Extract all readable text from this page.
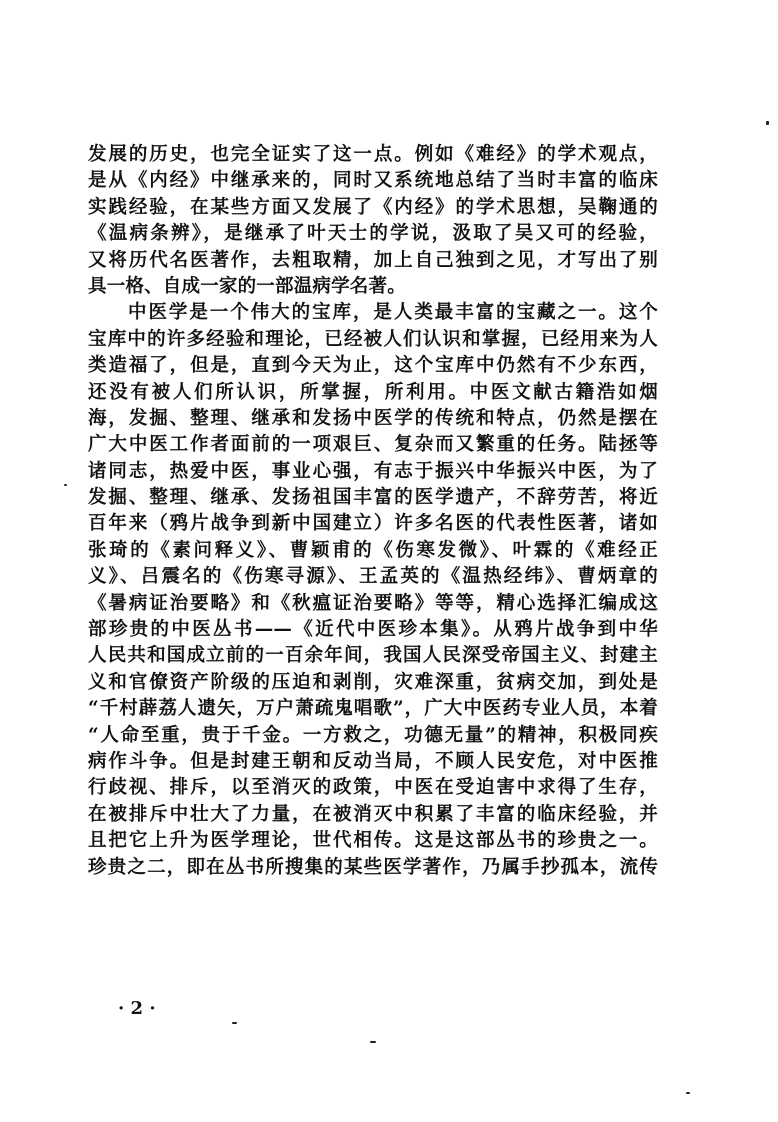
发展的历史，也完全证实了这一点。例如《难经》的学术观点，
是从《内经》中继承来的，同时又系统地总结了当时丰富的临床
实践经验，在某些方面又发展了《内经》的学术思想，吴鞠通的
《温病条辨》，是继承了叶天士的学说，汲取了吴又可的经验，
又将历代名医著作，去粗取精，加上自己独到之见，才写出了别
具一格、自成一家的一部温病学名著。
中医学是一个伟大的宝库，是人类最丰富的宝藏之一。这个
宝库中的许多经验和理论，已经被人们认识和掌握，已经用来为人
类造福了，但是，直到今天为止，这个宝库中仍然有不少东西，
还没有被人们所认识，所掌握，所利用。中医文献古籍浩如烟
海，发掘、整理、继承和发扬中医学的传统和特点，仍然是摆在
广大中医工作者面前的一项艰巨、复杂而又繁重的任务。陆拯等
诸同志，热爱中医，事业心强，有志于振兴中华振兴中医，为了
发掘、整理、继承、发扬祖国丰富的医学遗产，不辞劳苦，将近
百年来（鸦片战争到新中国建立）许多名医的代表性医著，诸如
张琦的《素问释义》、曹颖甫的《伤寒发微》、叶霖的《难经正
义》、吕震名的《伤寒寻源》、王孟英的《温热经纬》、曹炳章的
《暑病证治要略》和《秋瘟证治要略》等等，精心选择汇编成这
部珍贵的中医丛书——《近代中医珍本集》。从鸦片战争到中华
人民共和国成立前的一百余年间，我国人民深受帝国主义、封建主
义和官僚资产阶级的压迫和剥削，灾难深重，贫病交加，到处是
“千村薜荔人遗矢，万户萧疏鬼唱歌”，广大中医药专业人员，本着
“人命至重，贵于千金。一方救之，功德无量”的精神，积极同疾
病作斗争。但是封建王朝和反动当局，不顾人民安危，对中医推
行歧视、排斥，以至消灭的政策，中医在受迫害中求得了生存，
在被排斥中壮大了力量，在被消灭中积累了丰富的临床经验，并
且把它上升为医学理论，世代相传。这是这部丛书的珍贵之一。
珍贵之二，即在丛书所搜集的某些医学著作，乃属手抄孤本，流传
· 2 ·
